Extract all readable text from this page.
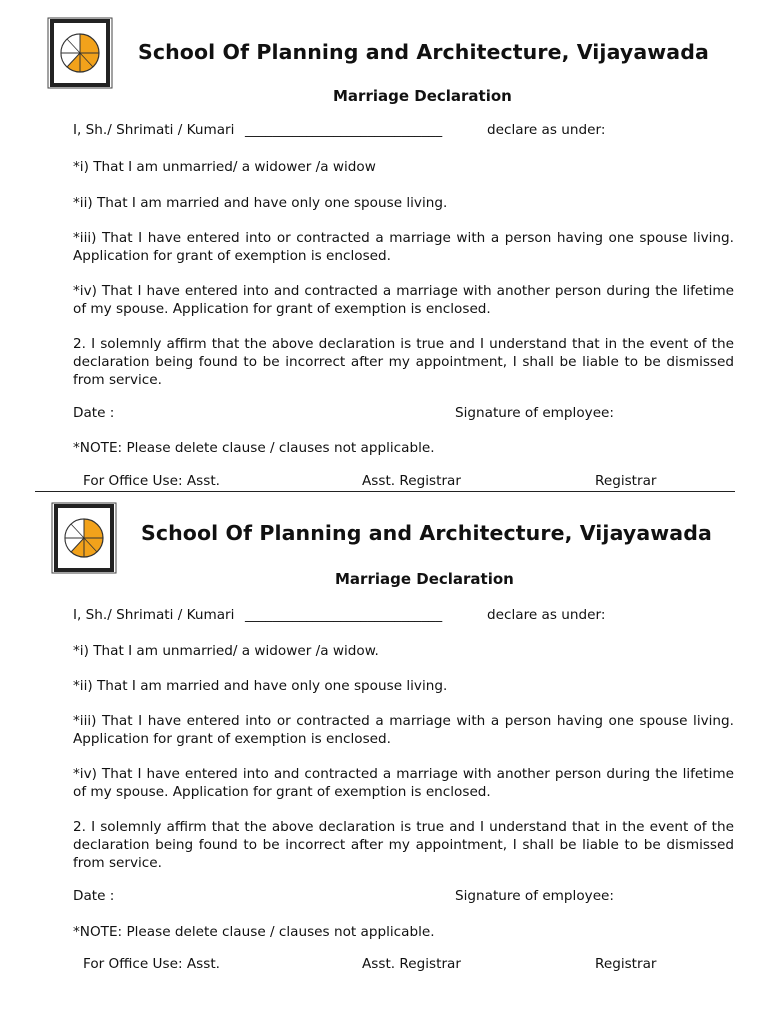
School Of Planning and Architecture, Vijayawada
Marriage Declaration
I, Sh./ Shrimati / Kumari _____________________________	declare as under:

*i) That I am unmarried/ a widower /a widow

*ii) That I am married and have only one spouse living.

*iii) That I have entered into or contracted a marriage with a person having one spouse living. Application for grant of exemption is enclosed.

*iv) That I have entered into and contracted a marriage with another person during the lifetime of my spouse. Application for grant of exemption is enclosed.

2. I solemnly affirm that the above declaration is true and I understand that in the event of the declaration being found to be incorrect after my appointment, I shall be liable to be dismissed from service.

Date :	Signature of employee:
*NOTE: Please delete clause / clauses not applicable.
For Office Use: Asst.	Asst. Registrar	Registrar
School Of Planning and Architecture, Vijayawada
Marriage Declaration
I, Sh./ Shrimati / Kumari _____________________________	declare as under:

*i) That I am unmarried/ a widower /a widow.

*ii) That I am married and have only one spouse living.

*iii) That I have entered into or contracted a marriage with a person having one spouse living. Application for grant of exemption is enclosed.

*iv) That I have entered into and contracted a marriage with another person during the lifetime of my spouse. Application for grant of exemption is enclosed.

2. I solemnly affirm that the above declaration is true and I understand that in the event of the declaration being found to be incorrect after my appointment, I shall be liable to be dismissed from service.

Date :	Signature of employee:
*NOTE: Please delete clause / clauses not applicable.
For Office Use: Asst.	Asst. Registrar	Registrar
